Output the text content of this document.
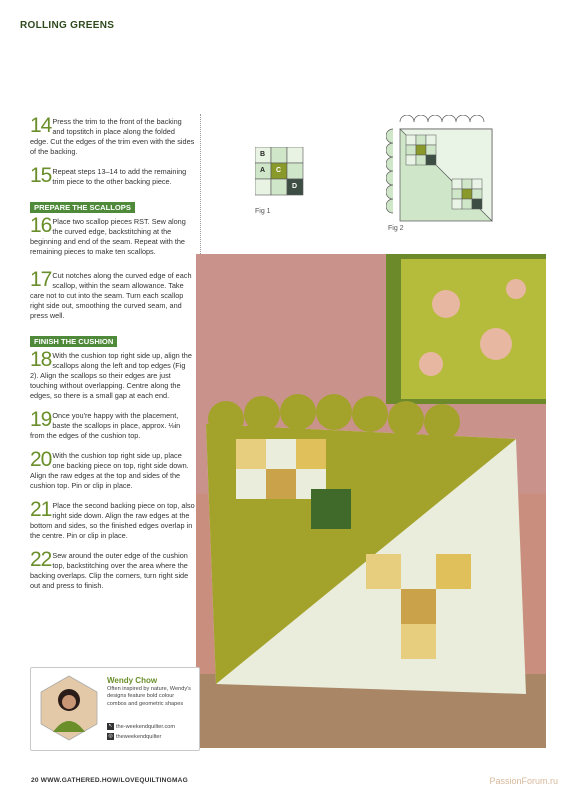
ROLLING GREENS
14 Press the trim to the front of the backing and topstitch in place along the folded edge. Cut the edges of the trim even with the sides of the backing.
15 Repeat steps 13–14 to add the remaining trim piece to the other backing piece.
PREPARE THE SCALLOPS
16 Place two scallop pieces RST. Sew along the curved edge, backstitching at the beginning and end of the seam. Repeat with the remaining pieces to make ten scallops.
17 Cut notches along the curved edge of each scallop, within the seam allowance. Take care not to cut into the seam. Turn each scallop right side out, smoothing the curved seam, and press well.
FINISH THE CUSHION
18 With the cushion top right side up, align the scallops along the left and top edges (Fig 2). Align the scallops so their edges are just touching without overlapping. Centre along the edges, so there is a small gap at each end.
19 Once you're happy with the placement, baste the scallops in place, approx. ⅛in from the edges of the cushion top.
20 With the cushion top right side up, place one backing piece on top, right side down. Align the raw edges at the top and sides of the cushion top. Pin or clip in place.
21 Place the second backing piece on top, also right side down. Align the raw edges at the bottom and sides, so the finished edges overlap in the centre. Pin or clip in place.
22 Sew around the outer edge of the cushion top, backstitching over the area where the backing overlaps. Clip the corners, turn right side out and press to finish.
B
A C
D
Fig 1
Fig 2
Wendy Chow
Often inspired by nature, Wendy's designs feature bold colour combos and geometric shapes
↖ the-weekendquilter.com
◎ theweekendquilter
20 WWW.GATHERED.HOW/LOVEQUILTINGMAG	PassionForum.ru
